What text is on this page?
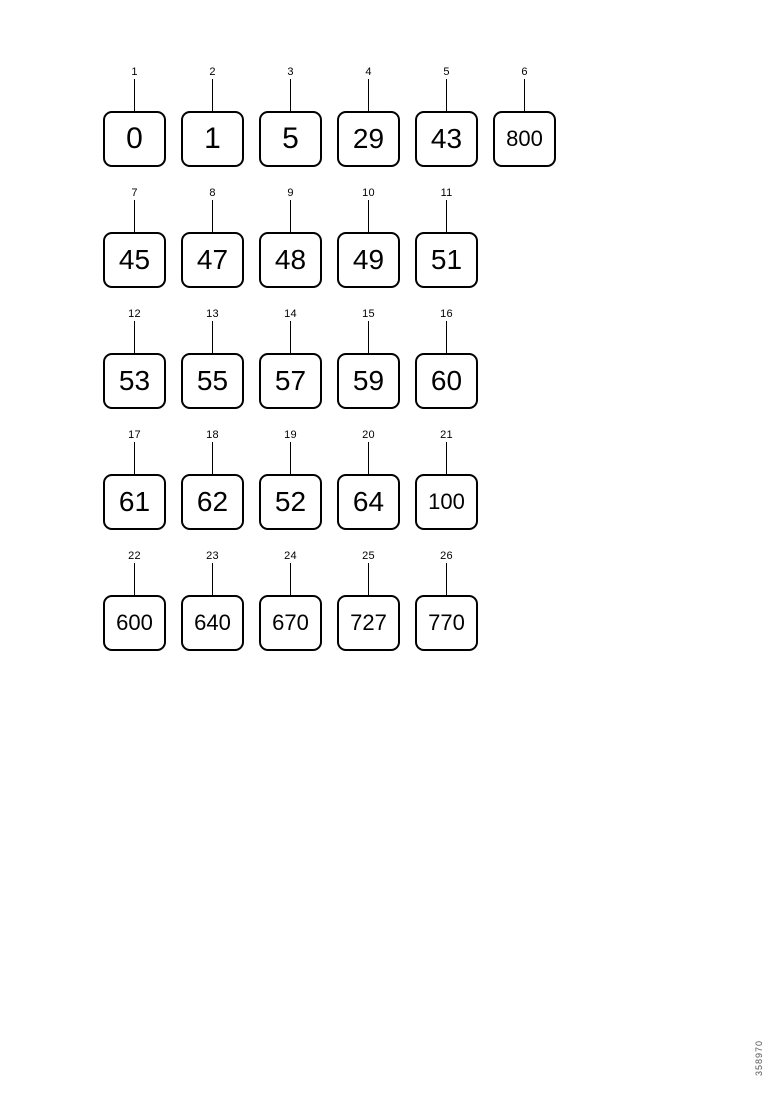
1
0
2
1
3
5
4
29
5
43
6
800
7
45
8
47
9
48
10
49
11
51
12
53
13
55
14
57
15
59
16
60
17
61
18
62
19
52
20
64
21
100
22
600
23
640
24
670
25
727
26
770
358970
